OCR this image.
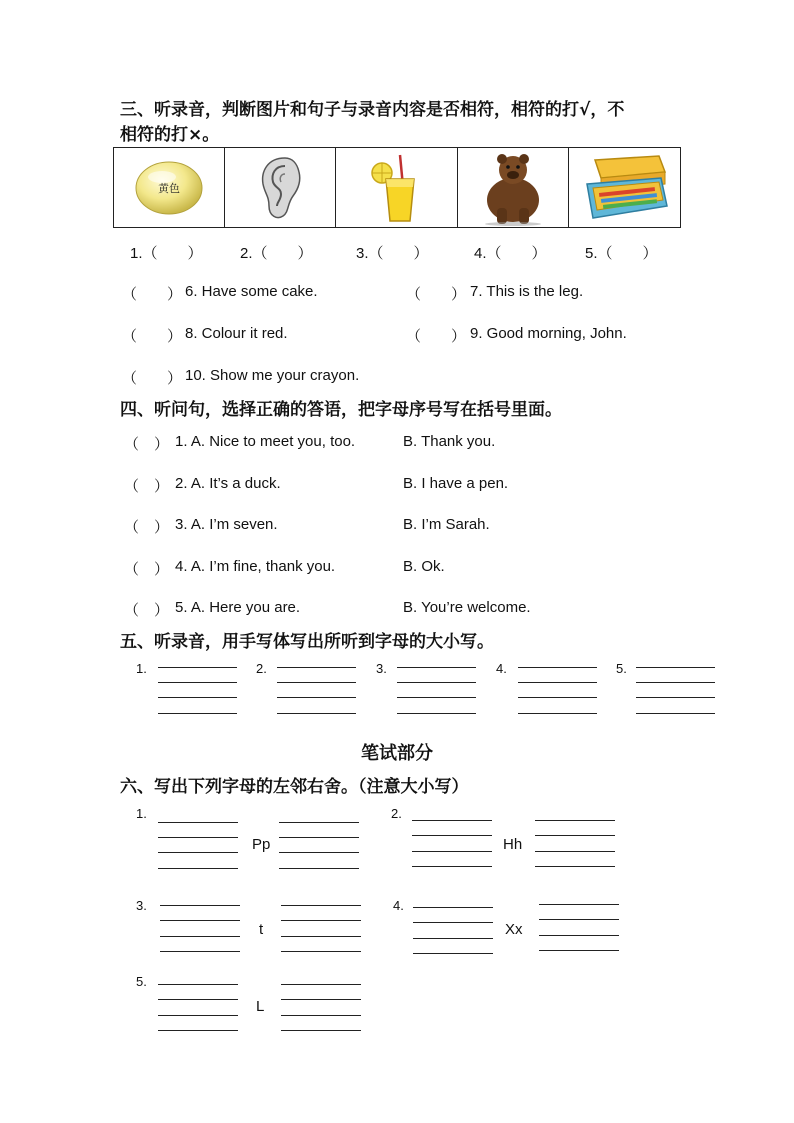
三、听录音，判断图片和句子与录音内容是否相符，相符的打√，不
相符的打×。
黄色
1.（　　） 2.（　　）	3.（　　）	4.（　　）	5.（　　）
（　　） 6. Have some cake.	（　　） 7. This is the leg.
（　　） 8. Colour it red.	（　　） 9. Good morning, John.
（　　） 10. Show me your crayon.
四、听问句，选择正确的答语，把字母序号写在括号里面。
（　） 1. A. Nice to meet you, too.	B. Thank you.
（　） 2. A. It’s a duck.	B. I have a pen.
（　） 3. A. I’m seven.	B. I’m Sarah.
（　） 4. A. I’m fine, thank you.	B. Ok.
（　） 5. A. Here you are.	B. You’re welcome.
五、听录音，用手写体写出所听到字母的大小写。
1.	2.	3.	4.	5.
笔试部分
六、写出下列字母的左邻右舍。（注意大小写）
1.
Pp
2.
Hh
3.
t
4.
Xx
5.
L
